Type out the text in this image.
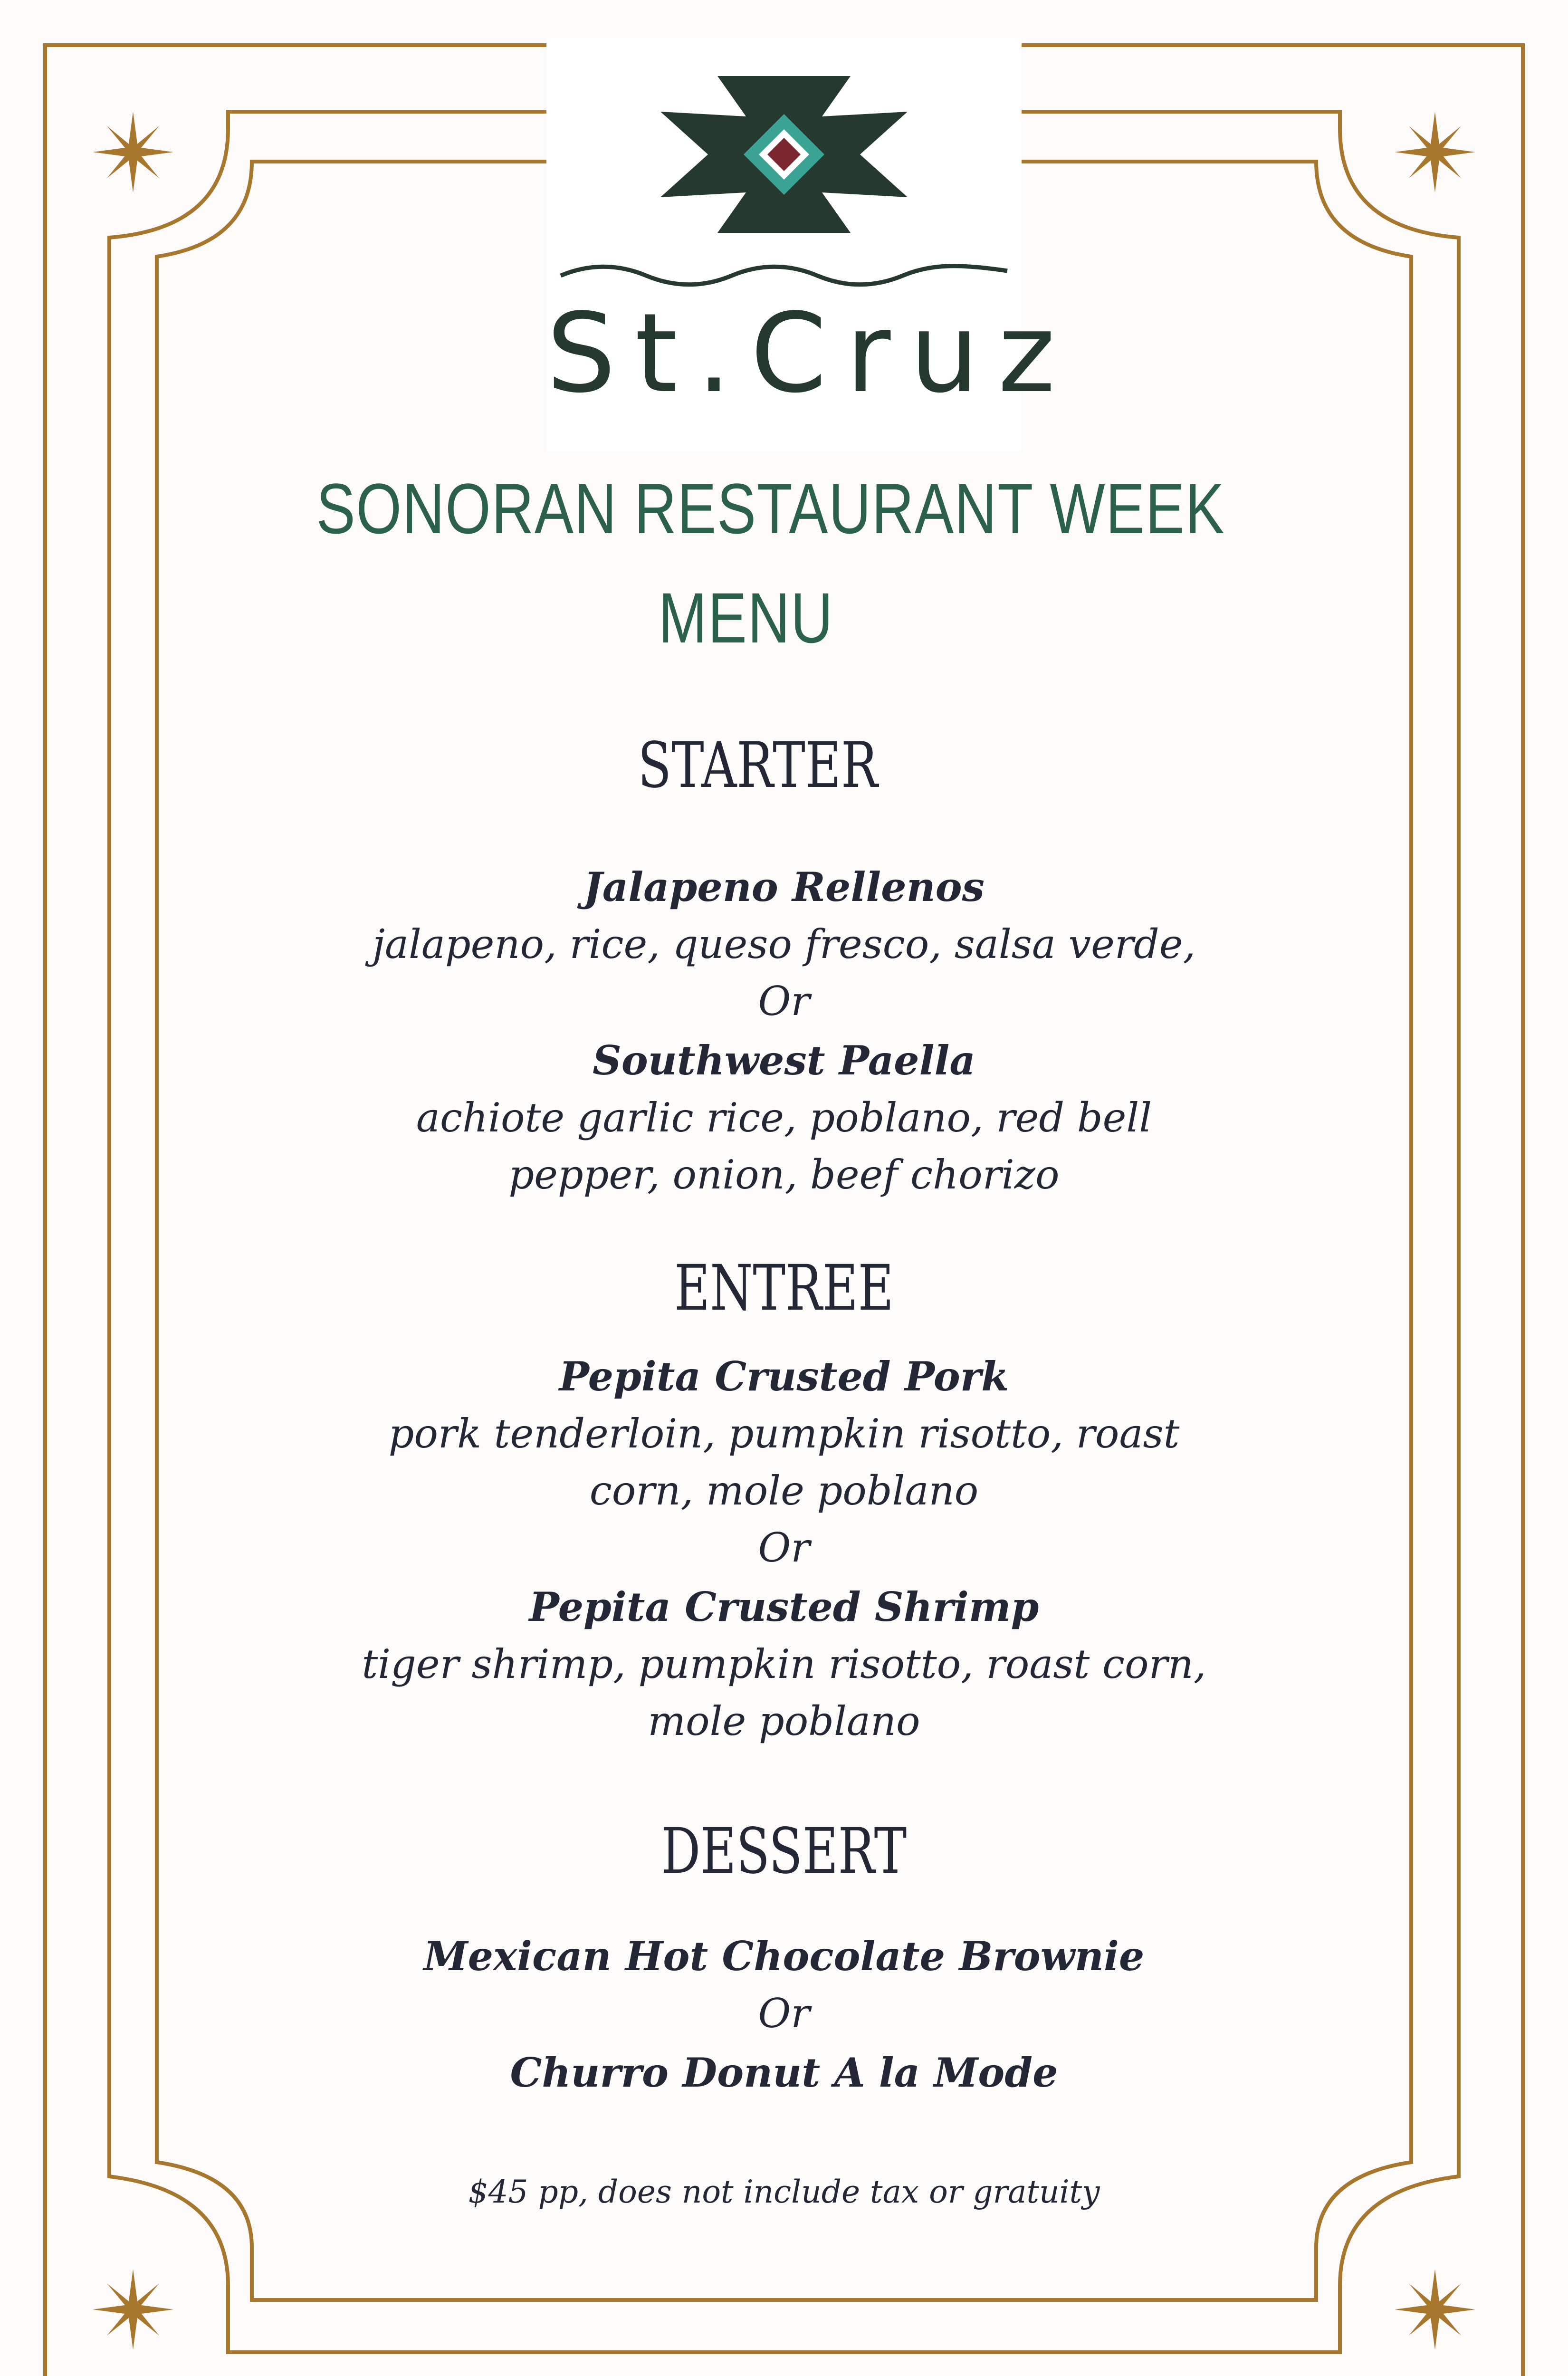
St.Cruz
SONORAN RESTAURANT WEEK
MENU
STARTER
Jalapeno Rellenos
jalapeno, rice, queso fresco, salsa verde,
Or
Southwest Paella
achiote garlic rice, poblano, red bell
pepper, onion, beef chorizo
ENTREE
Pepita Crusted Pork
pork tenderloin, pumpkin risotto, roast
corn, mole poblano
Or
Pepita Crusted Shrimp
tiger shrimp, pumpkin risotto, roast corn,
mole poblano
DESSERT
Mexican Hot Chocolate Brownie
Or
Churro Donut A la Mode
$45 pp, does not include tax or gratuity
